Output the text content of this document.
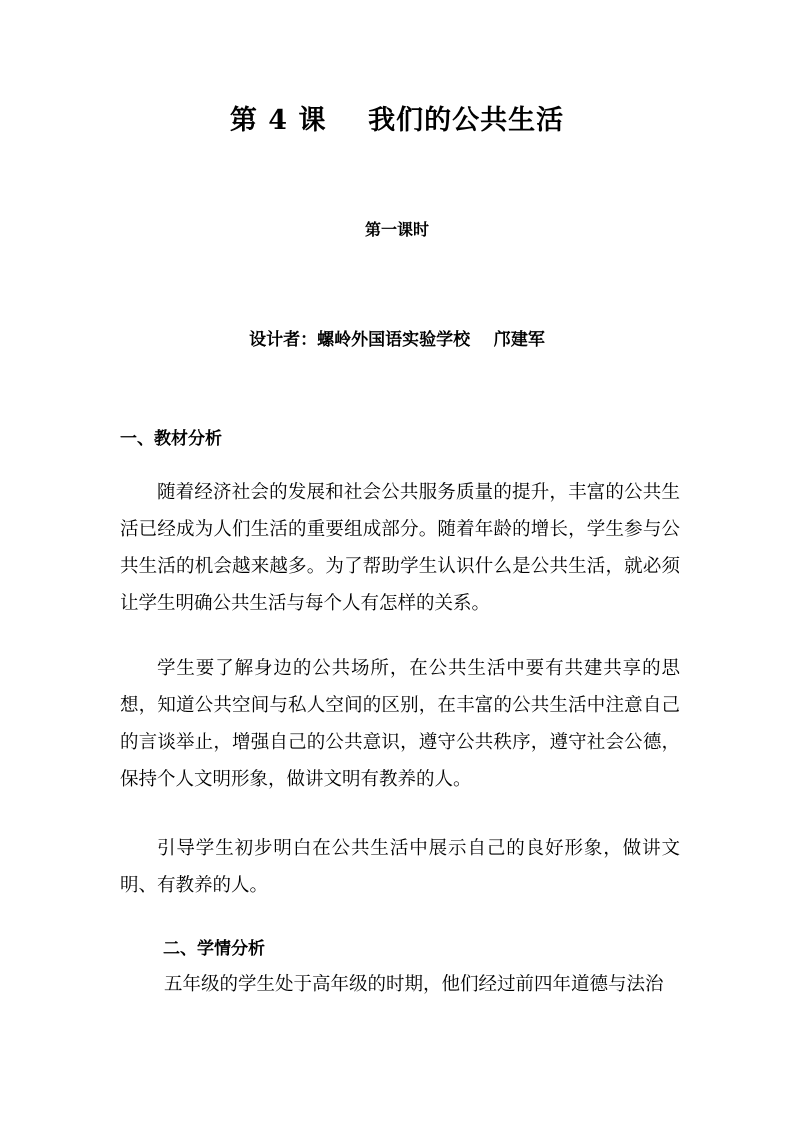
第 4 课    我们的公共生活
第一课时
设计者：螺岭外国语实验学校    邝建军
一、教材分析
随着经济社会的发展和社会公共服务质量的提升，丰富的公共生活已经成为人们生活的重要组成部分。随着年龄的增长，学生参与公共生活的机会越来越多。为了帮助学生认识什么是公共生活，就必须让学生明确公共生活与每个人有怎样的关系。
学生要了解身边的公共场所，在公共生活中要有共建共享的思想，知道公共空间与私人空间的区别，在丰富的公共生活中注意自己的言谈举止，增强自己的公共意识，遵守公共秩序，遵守社会公德，保持个人文明形象，做讲文明有教养的人。
引导学生初步明白在公共生活中展示自己的良好形象，做讲文明、有教养的人。
二、学情分析
五年级的学生处于高年级的时期，他们经过前四年道德与法治
